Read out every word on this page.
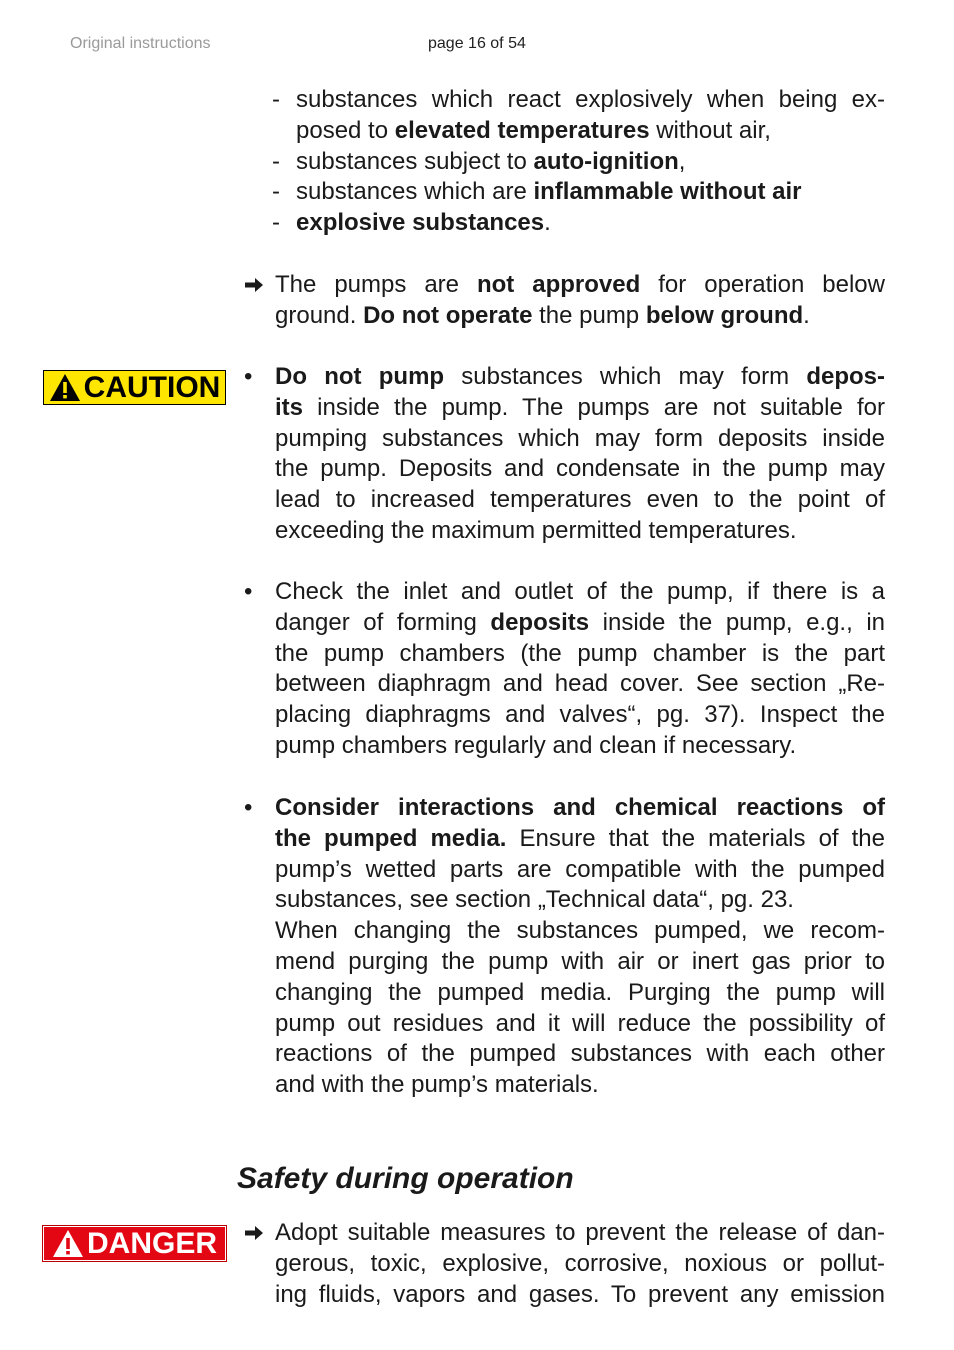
Original instructions	page 16 of 54
- substances which react explosively when being ex-
posed to elevated temperatures without air,
- substances subject to auto-ignition,
- substances which are inflammable without air
- explosive substances.
The pumps are not approved for operation below
ground. Do not operate the pump below ground.
CAUTION • Do not pump substances which may form depos-
its inside the pump. The pumps are not suitable for
pumping substances which may form deposits inside
the pump. Deposits and condensate in the pump may
lead to increased temperatures even to the point of
exceeding the maximum permitted temperatures.
• Check the inlet and outlet of the pump, if there is a
danger of forming deposits inside the pump, e.g., in
the pump chambers (the pump chamber is the part
between diaphragm and head cover. See section „Re-
placing diaphragms and valves“, pg. 37). Inspect the
pump chambers regularly and clean if necessary.
• Consider interactions and chemical reactions of
the pumped media. Ensure that the materials of the
pump’s wetted parts are compatible with the pumped
substances, see section „Technical data“, pg. 23.
When changing the substances pumped, we recom-
mend purging the pump with air or inert gas prior to
changing the pumped media. Purging the pump will
pump out residues and it will reduce the possibility of
reactions of the pumped substances with each other
and with the pump’s materials.
Safety during operation
DANGER Adopt suitable measures to prevent the release of dan-
gerous, toxic, explosive, corrosive, noxious or pollut-
ing fluids, vapors and gases. To prevent any emission
